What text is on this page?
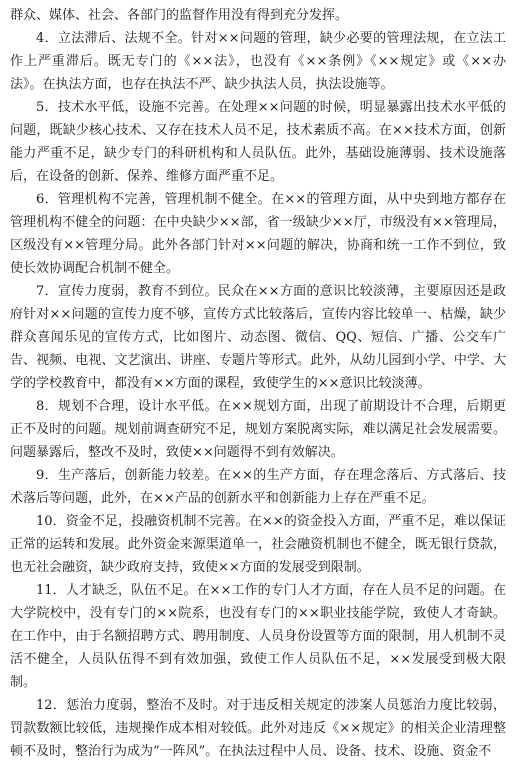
群众、媒体、社会、各部门的监督作用没有得到充分发挥。

4．立法滞后、法规不全。针对××问题的管理，缺少必要的管理法规，在立法工作上严重滞后。既无专门的《××法》，也没有《××条例》《××规定》或《××办法》。在执法方面，也存在执法不严、缺少执法人员，执法设施等。

5．技术水平低，设施不完善。在处理××问题的时候，明显暴露出技术水平低的问题，既缺少核心技术、又存在技术人员不足，技术素质不高。在××技术方面，创新能力严重不足，缺少专门的科研机构和人员队伍。此外，基础设施薄弱、技术设施落后，在设备的创新、保养、维修方面严重不足。

6．管理机构不完善，管理机制不健全。在××的管理方面，从中央到地方都存在管理机构不健全的问题：在中央缺少××部，省一级缺少××厅，市级没有××管理局，区级没有××管理分局。此外各部门针对××问题的解决，协商和统一工作不到位，致使长效协调配合机制不健全。

7．宣传力度弱，教育不到位。民众在××方面的意识比较淡薄，主要原因还是政府针对××问题的宣传力度不够，宣传方式比较落后，宣传内容比较单一、枯燥，缺少群众喜闻乐见的宣传方式，比如图片、动态图、微信、QQ、短信、广播、公交车广告、视频、电视、文艺演出、讲座、专题片等形式。此外，从幼儿园到小学、中学、大学的学校教育中，都没有××方面的课程，致使学生的××意识比较淡薄。

8．规划不合理，设计水平低。在××规划方面，出现了前期设计不合理，后期更正不及时的问题。规划前调查研究不足，规划方案脱离实际，难以满足社会发展需要。问题暴露后，整改不及时，致使××问题得不到有效解决。

9．生产落后，创新能力较差。在××的生产方面，存在理念落后、方式落后、技术落后等问题，此外，在××产品的创新水平和创新能力上存在严重不足。

10．资金不足，投融资机制不完善。在××的资金投入方面，严重不足，难以保证正常的运转和发展。此外资金来源渠道单一，社会融资机制也不健全，既无银行贷款，也无社会融资，缺少政府支持，致使××方面的发展受到限制。

11．人才缺乏，队伍不足。在××工作的专门人才方面，存在人员不足的问题。在大学院校中，没有专门的××院系，也没有专门的××职业技能学院，致使人才奇缺。在工作中，由于名额招聘方式、聘用制度、人员身份设置等方面的限制，用人机制不灵活不健全，人员队伍得不到有效加强，致使工作人员队伍不足，××发展受到极大限制。

12．惩治力度弱，整治不及时。对于违反相关规定的涉案人员惩治力度比较弱，罚款数额比较低，违规操作成本相对较低。此外对违反《××规定》的相关企业清理整顿不及时，整治行为成为“一阵风”。在执法过程中人员、设备、技术、设施、资金不
